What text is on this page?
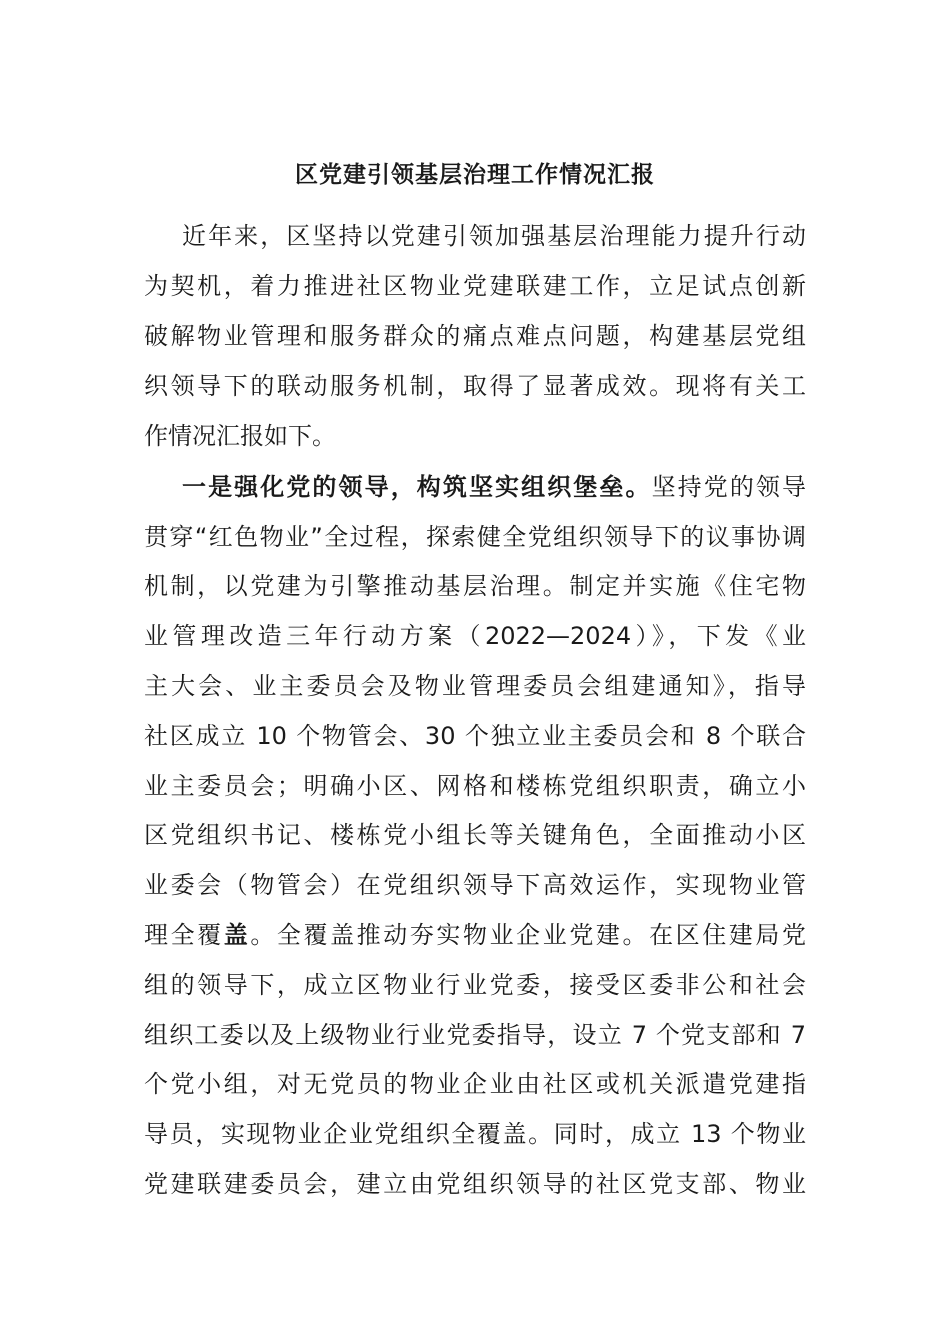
区党建引领基层治理工作情况汇报
近年来，区坚持以党建引领加强基层治理能力提升行动
为契机，着力推进社区物业党建联建工作，立足试点创新
破解物业管理和服务群众的痛点难点问题，构建基层党组
织领导下的联动服务机制，取得了显著成效。现将有关工
作情况汇报如下。
一是强化党的领导，构筑坚实组织堡垒。坚持党的领导
贯穿“红色物业”全过程，探索健全党组织领导下的议事协调
机制，以党建为引擎推动基层治理。制定并实施《住宅物
业管理改造三年行动方案（2022—2024）》，下发《业
主大会、业主委员会及物业管理委员会组建通知》，指导
社区成立 10 个物管会、30 个独立业主委员会和 8 个联合
业主委员会；明确小区、网格和楼栋党组织职责，确立小
区党组织书记、楼栋党小组长等关键角色，全面推动小区
业委会（物管会）在党组织领导下高效运作，实现物业管
理全覆盖。全覆盖推动夯实物业企业党建。在区住建局党
组的领导下，成立区物业行业党委，接受区委非公和社会
组织工委以及上级物业行业党委指导，设立 7 个党支部和 7
个党小组，对无党员的物业企业由社区或机关派遣党建指
导员，实现物业企业党组织全覆盖。同时，成立 13 个物业
党建联建委员会，建立由党组织领导的社区党支部、物业
